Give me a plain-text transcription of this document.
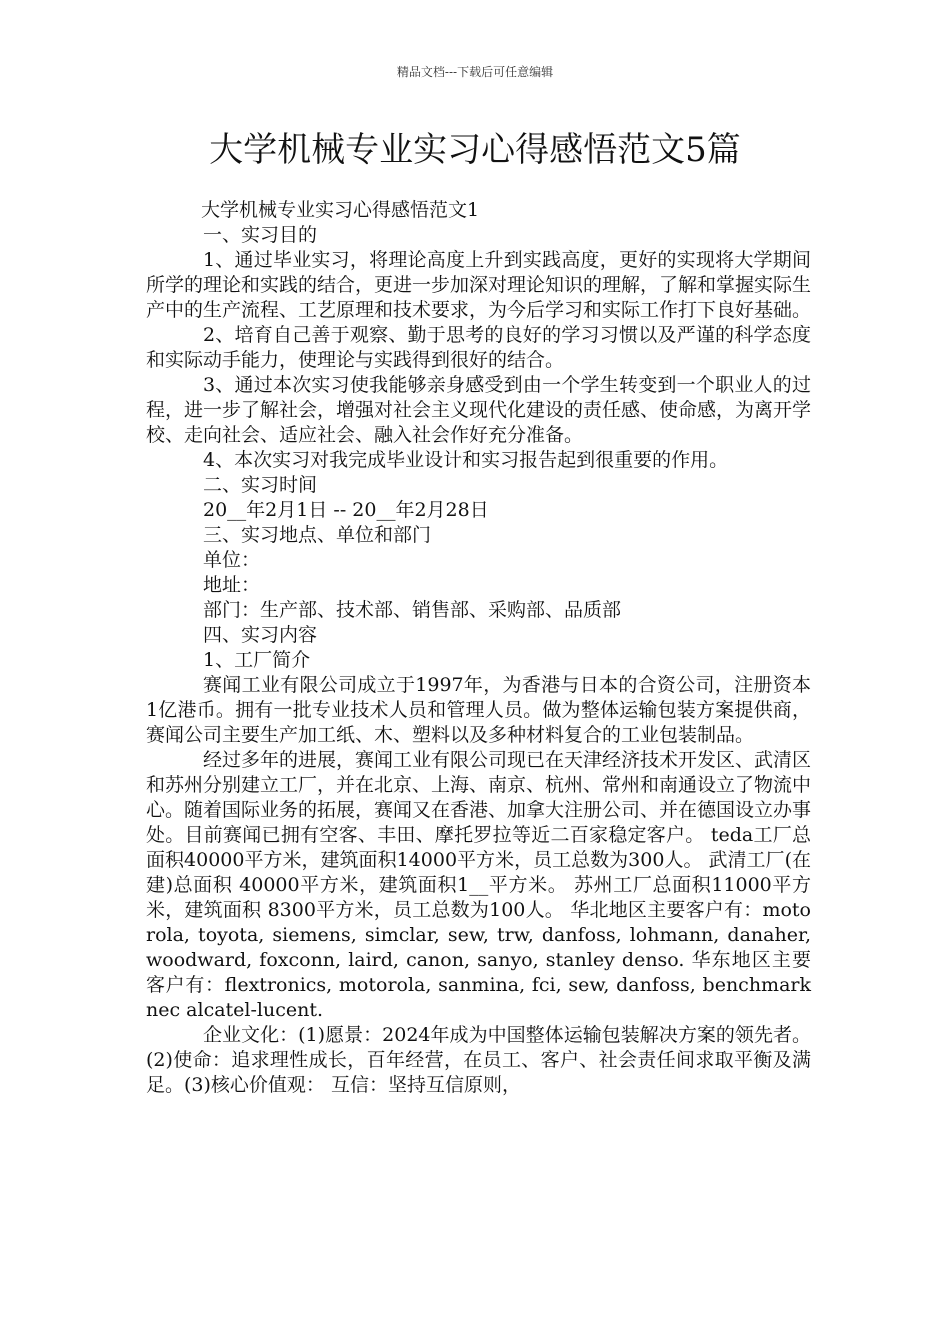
精品文档---下载后可任意编辑
大学机械专业实习心得感悟范文5篇

大学机械专业实习心得感悟范文1

一、实习目的

1、通过毕业实习，将理论高度上升到实践高度，更好的实现将大学期间所学的理论和实践的结合，更进一步加深对理论知识的理解，了解和掌握实际生产中的生产流程、工艺原理和技术要求，为今后学习和实际工作打下良好基础。

2、培育自己善于观察、勤于思考的良好的学习习惯以及严谨的科学态度和实际动手能力，使理论与实践得到很好的结合。

3、通过本次实习使我能够亲身感受到由一个学生转变到一个职业人的过程，进一步了解社会，增强对社会主义现代化建设的责任感、使命感，为离开学校、走向社会、适应社会、融入社会作好充分准备。

4、本次实习对我完成毕业设计和实习报告起到很重要的作用。

二、实习时间

20__年2月1日 -- 20__年2月28日

三、实习地点、单位和部门

单位：

地址：

部门：生产部、技术部、销售部、采购部、品质部

四、实习内容

1、工厂简介

赛闻工业有限公司成立于1997年，为香港与日本的合资公司，注册资本1亿港币。拥有一批专业技术人员和管理人员。做为整体运输包装方案提供商，赛闻公司主要生产加工纸、木、塑料以及多种材料复合的工业包装制品。

经过多年的进展，赛闻工业有限公司现已在天津经济技术开发区、武清区和苏州分别建立工厂，并在北京、上海、南京、杭州、常州和南通设立了物流中心。随着国际业务的拓展，赛闻又在香港、加拿大注册公司、并在德国设立办事处。目前赛闻已拥有空客、丰田、摩托罗拉等近二百家稳定客户。 teda工厂总面积40000平方米，建筑面积14000平方米，员工总数为300人。 武清工厂(在建)总面积 40000平方米，建筑面积1__平方米。 苏州工厂总面积11000平方米，建筑面积 8300平方米，员工总数为100人。 华北地区主要客户有：motorola, toyota, siemens, simclar, sew, trw, danfoss, lohmann, danaher, woodward, foxconn, laird, canon, sanyo, stanley denso. 华东地区主要客户有：flextronics, motorola, sanmina, fci, sew, danfoss, benchmark nec alcatel-lucent.

企业文化：(1)愿景：2024年成为中国整体运输包装解决方案的领先者。(2)使命：追求理性成长，百年经营，在员工、客户、社会责任间求取平衡及满足。(3)核心价值观： 互信：坚持互信原则，
